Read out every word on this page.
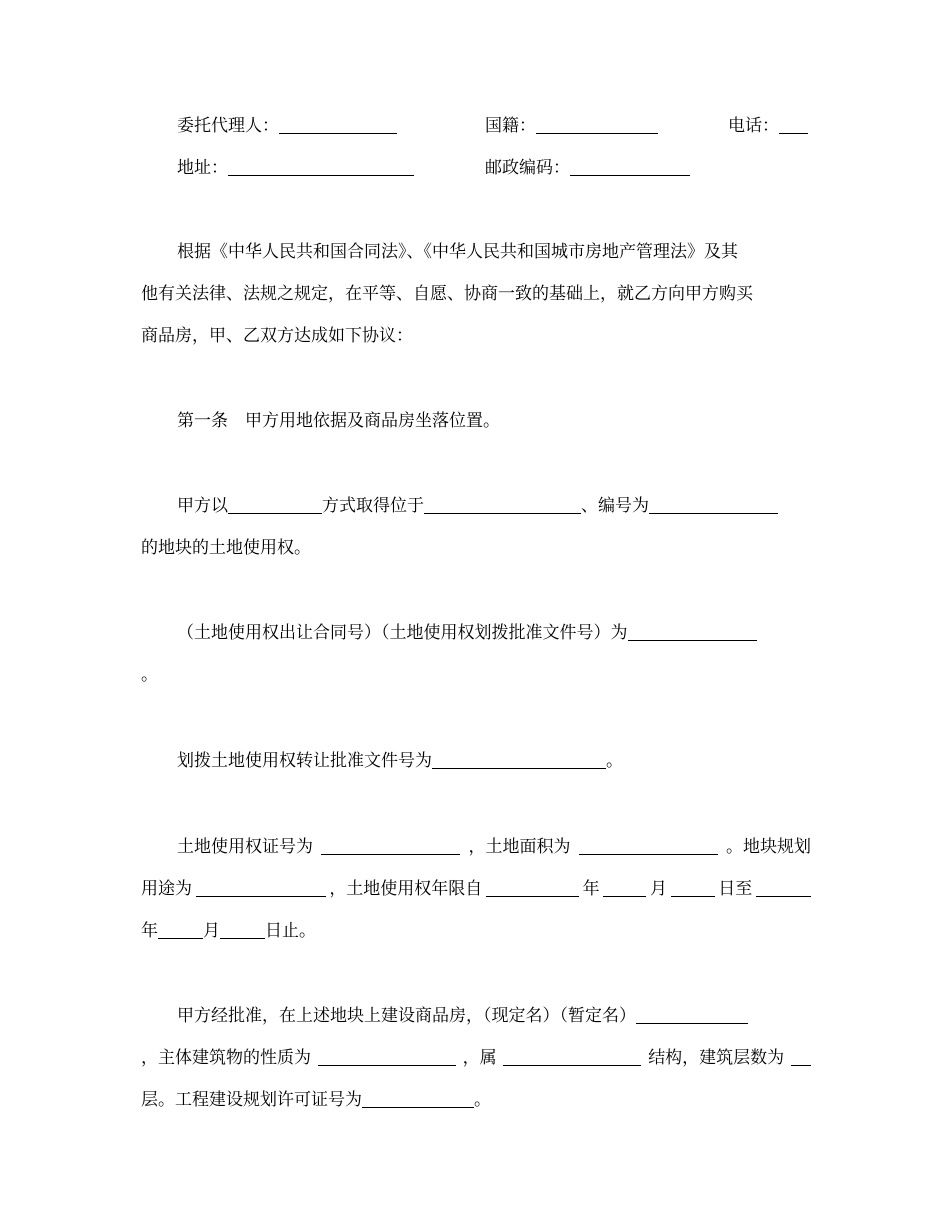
委托代理人：	国籍：	电话：
地址：	邮政编码：
根据《中华人民共和国合同法》、《中华人民共和国城市房地产管理法》及其
他有关法律、法规之规定，在平等、自愿、协商一致的基础上，就乙方向甲方购买
商品房，甲、乙双方达成如下协议：
第一条　甲方用地依据及商品房坐落位置。
甲方以	方式取得位于	、编号为
的地块的土地使用权。
（土地使用权出让合同号）（土地使用权划拨批准文件号）为
。
划拨土地使用权转让批准文件号为	。
土地使用权证号为	，土地面积为	。地块规划
用途为	，土地使用权年限自	年	月	日至
年	月	日止。
甲方经批准，在上述地块上建设商品房，（现定名）（暂定名）
，主体建筑物的性质为	，属	结构，建筑层数为
层。工程建设规划许可证号为	。
